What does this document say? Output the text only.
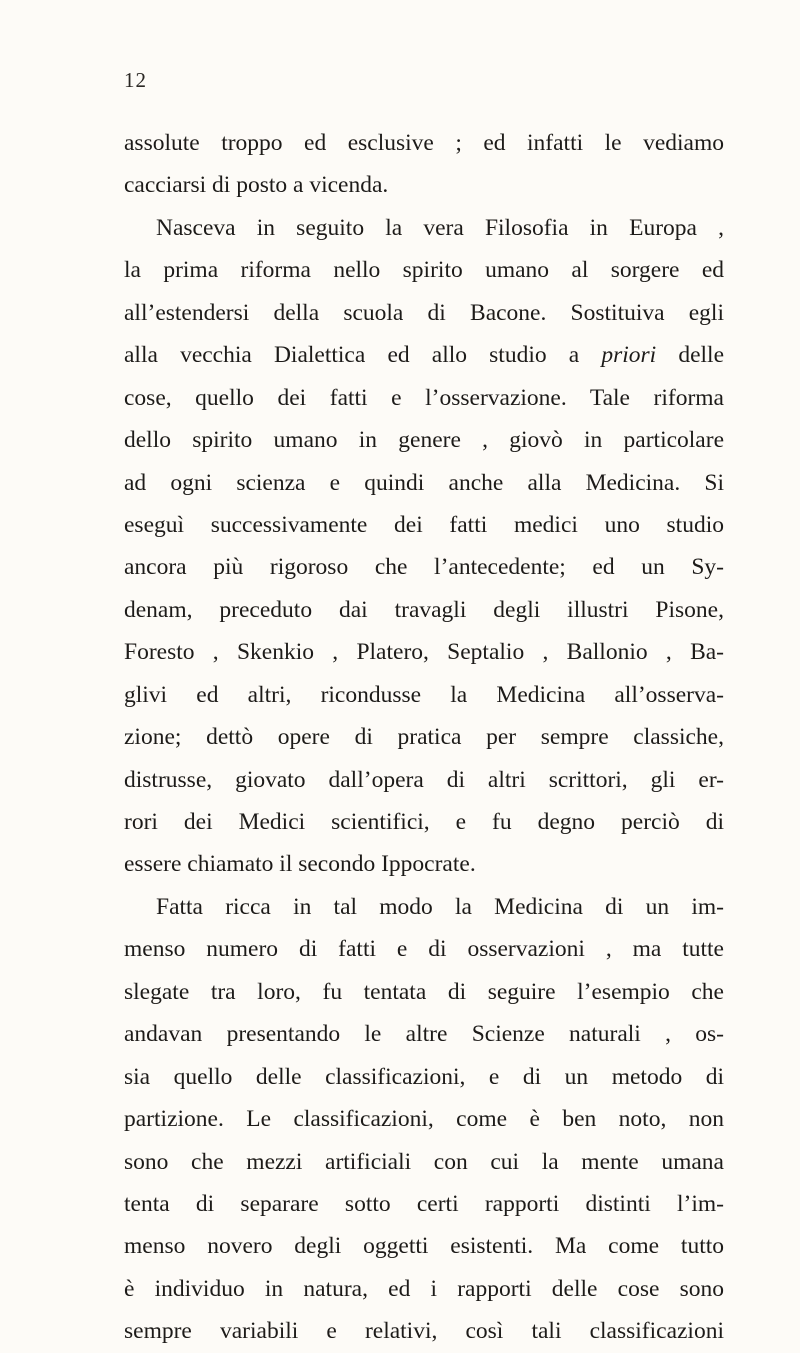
12
assolute troppo ed esclusive ; ed infatti le vediamo
cacciarsi di posto a vicenda.
Nasceva in seguito la vera Filosofia in Europa ,
la prima riforma nello spirito umano al sorgere ed
all’estendersi della scuola di Bacone. Sostituiva egli
alla vecchia Dialettica ed allo studio a priori delle
cose, quello dei fatti e l’osservazione. Tale riforma
dello spirito umano in genere , giovò in particolare
ad ogni scienza e quindi anche alla Medicina. Si
eseguì successivamente dei fatti medici uno studio
ancora più rigoroso che l’antecedente; ed un Sy-
denam, preceduto dai travagli degli illustri Pisone,
Foresto , Skenkio , Platero, Septalio , Ballonio , Ba-
glivi ed altri, ricondusse la Medicina all’osserva-
zione; dettò opere di pratica per sempre classiche,
distrusse, giovato dall’opera di altri scrittori, gli er-
rori dei Medici scientifici, e fu degno perciò di
essere chiamato il secondo Ippocrate.
Fatta ricca in tal modo la Medicina di un im-
menso numero di fatti e di osservazioni , ma tutte
slegate tra loro, fu tentata di seguire l’esempio che
andavan presentando le altre Scienze naturali , os-
sia quello delle classificazioni, e di un metodo di
partizione. Le classificazioni, come è ben noto, non
sono che mezzi artificiali con cui la mente umana
tenta di separare sotto certi rapporti distinti l’im-
menso novero degli oggetti esistenti. Ma come tutto
è individuo in natura, ed i rapporti delle cose sono
sempre variabili e relativi, così tali classificazioni
